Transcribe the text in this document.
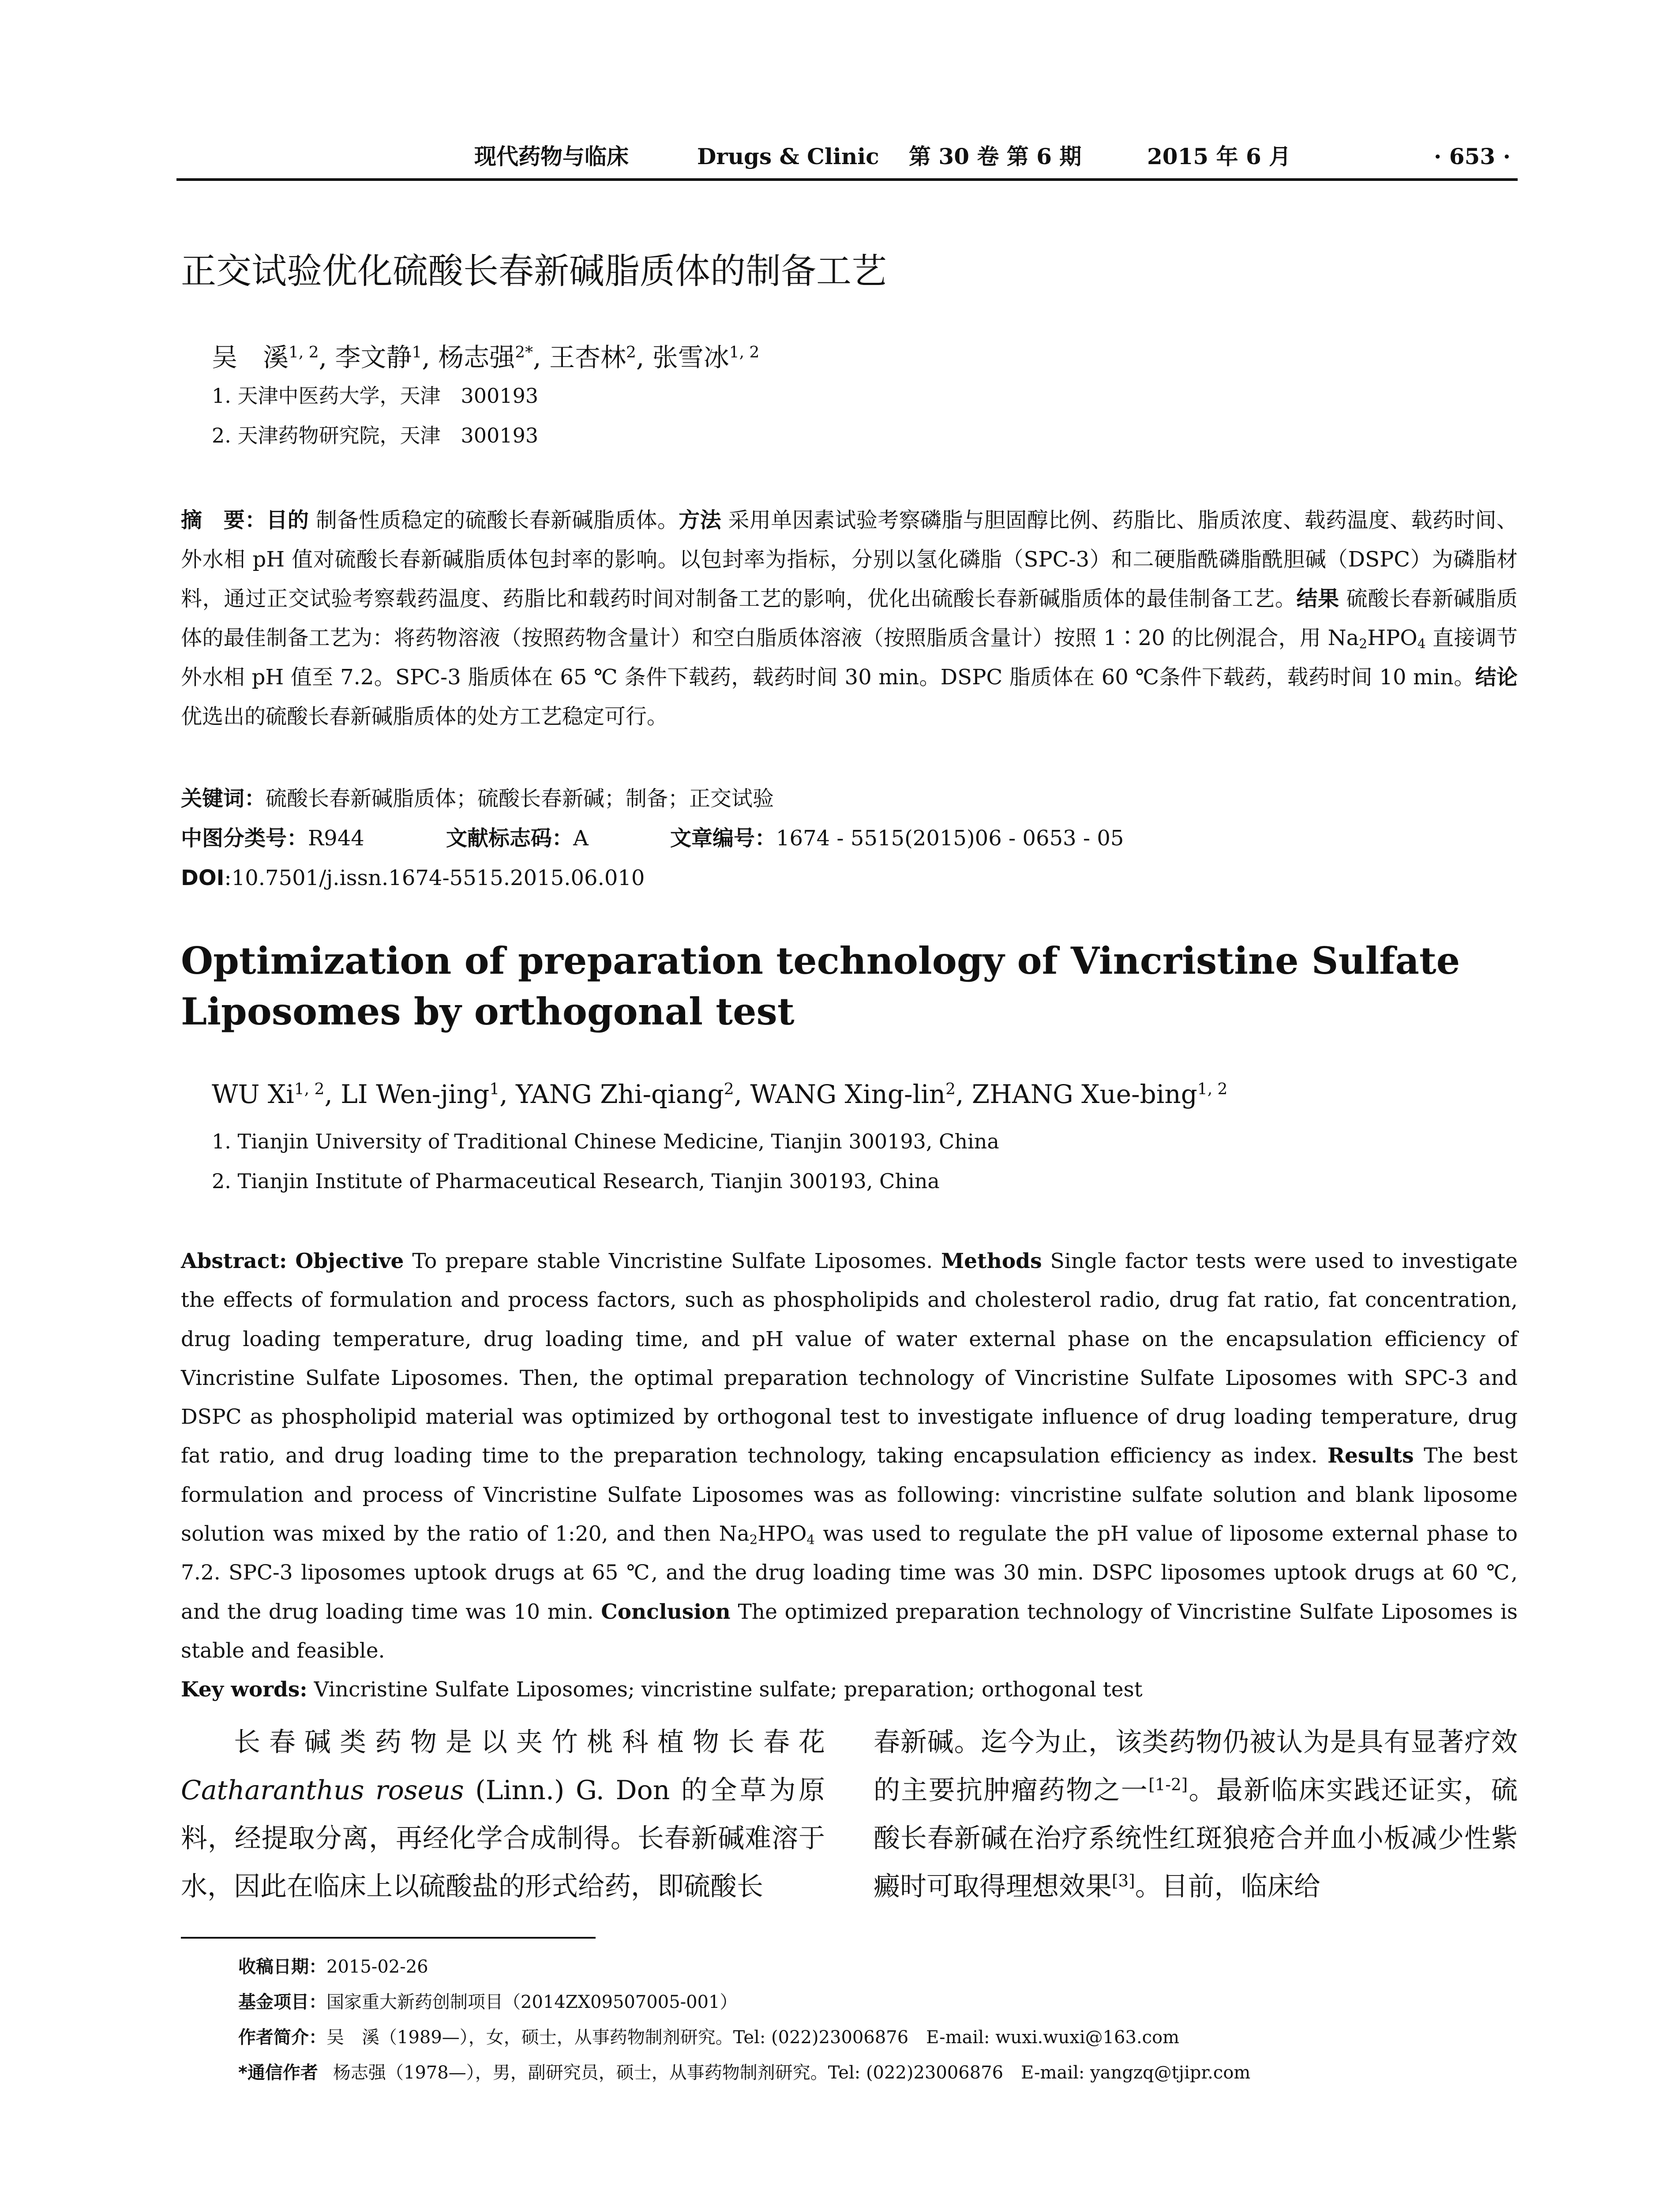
现代药物与临床	Drugs & Clinic 第 30 卷 第 6 期	2015 年 6 月	· 653 ·
正交试验优化硫酸长春新碱脂质体的制备工艺
吴　溪$^{1, 2}$, 李文静$^1$, 杨志强$^{2*}$, 王杏林$^2$, 张雪冰$^{1, 2}$
1. 天津中医药大学，天津　300193
2. 天津药物研究院，天津　300193
摘　要：目的 制备性质稳定的硫酸长春新碱脂质体。方法 采用单因素试验考察磷脂与胆固醇比例、药脂比、脂质浓度、载药温度、载药时间、外水相 pH 值对硫酸长春新碱脂质体包封率的影响。以包封率为指标，分别以氢化磷脂（SPC-3）和二硬脂酰磷脂酰胆碱（DSPC）为磷脂材料，通过正交试验考察载药温度、药脂比和载药时间对制备工艺的影响，优化出硫酸长春新碱脂质体的最佳制备工艺。结果 硫酸长春新碱脂质体的最佳制备工艺为：将药物溶液（按照药物含量计）和空白脂质体溶液（按照脂质含量计）按照 1∶20 的比例混合，用 $Na_2HPO_4$ 直接调节外水相 pH 值至 7.2。SPC-3 脂质体在 65 ℃ 条件下载药，载药时间 30 min。DSPC 脂质体在 60 ℃条件下载药，载药时间 10 min。结论 优选出的硫酸长春新碱脂质体的处方工艺稳定可行。
关键词：硫酸长春新碱脂质体；硫酸长春新碱；制备；正交试验
中图分类号：R944	文献标志码：A	文章编号：1674 - 5515(2015)06 - 0653 - 05
DOI:10.7501/j.issn.1674-5515.2015.06.010
Optimization of preparation technology of Vincristine Sulfate Liposomes by orthogonal test
WU Xi$^{1, 2}$, LI Wen-jing$^1$, YANG Zhi-qiang$^2$, WANG Xing-lin$^2$, ZHANG Xue-bing$^{1, 2}$
1. Tianjin University of Traditional Chinese Medicine, Tianjin 300193, China
2. Tianjin Institute of Pharmaceutical Research, Tianjin 300193, China
Abstract: Objective To prepare stable Vincristine Sulfate Liposomes. Methods Single factor tests were used to investigate the effects of formulation and process factors, such as phospholipids and cholesterol radio, drug fat ratio, fat concentration, drug loading temperature, drug loading time, and pH value of water external phase on the encapsulation efficiency of Vincristine Sulfate Liposomes. Then, the optimal preparation technology of Vincristine Sulfate Liposomes with SPC-3 and DSPC as phospholipid material was optimized by orthogonal test to investigate influence of drug loading temperature, drug fat ratio, and drug loading time to the preparation technology, taking encapsulation efficiency as index. Results The best formulation and process of Vincristine Sulfate Liposomes was as following: vincristine sulfate solution and blank liposome solution was mixed by the ratio of 1:20, and then $Na_2HPO_4$ was used to regulate the pH value of liposome external phase to 7.2. SPC-3 liposomes uptook drugs at 65 ℃, and the drug loading time was 30 min. DSPC liposomes uptook drugs at 60 ℃, and the drug loading time was 10 min. Conclusion The optimized preparation technology of Vincristine Sulfate Liposomes is stable and feasible.
Key words: Vincristine Sulfate Liposomes; vincristine sulfate; preparation; orthogonal test

长春碱类药物是以夹竹桃科植物长春花 Catharanthus roseus (Linn.) G. Don 的全草为原料，经提取分离，再经化学合成制得。长春新碱难溶于水，因此在临床上以硫酸盐的形式给药，即硫酸长

春新碱。迄今为止，该类药物仍被认为是具有显著疗效的主要抗肿瘤药物之一[1-2]。最新临床实践还证实，硫酸长春新碱在治疗系统性红斑狼疮合并血小板减少性紫癜时可取得理想效果[3]。目前，临床给

收稿日期：2015-02-26
基金项目：国家重大新药创制项目（2014ZX09507005-001）
作者简介：吴　溪（1989—），女，硕士，从事药物制剂研究。Tel: (022)23006876　E-mail: wuxi.wuxi@163.com
*通信作者 杨志强（1978—），男，副研究员，硕士，从事药物制剂研究。Tel: (022)23006876　E-mail: yangzq@tjipr.com
